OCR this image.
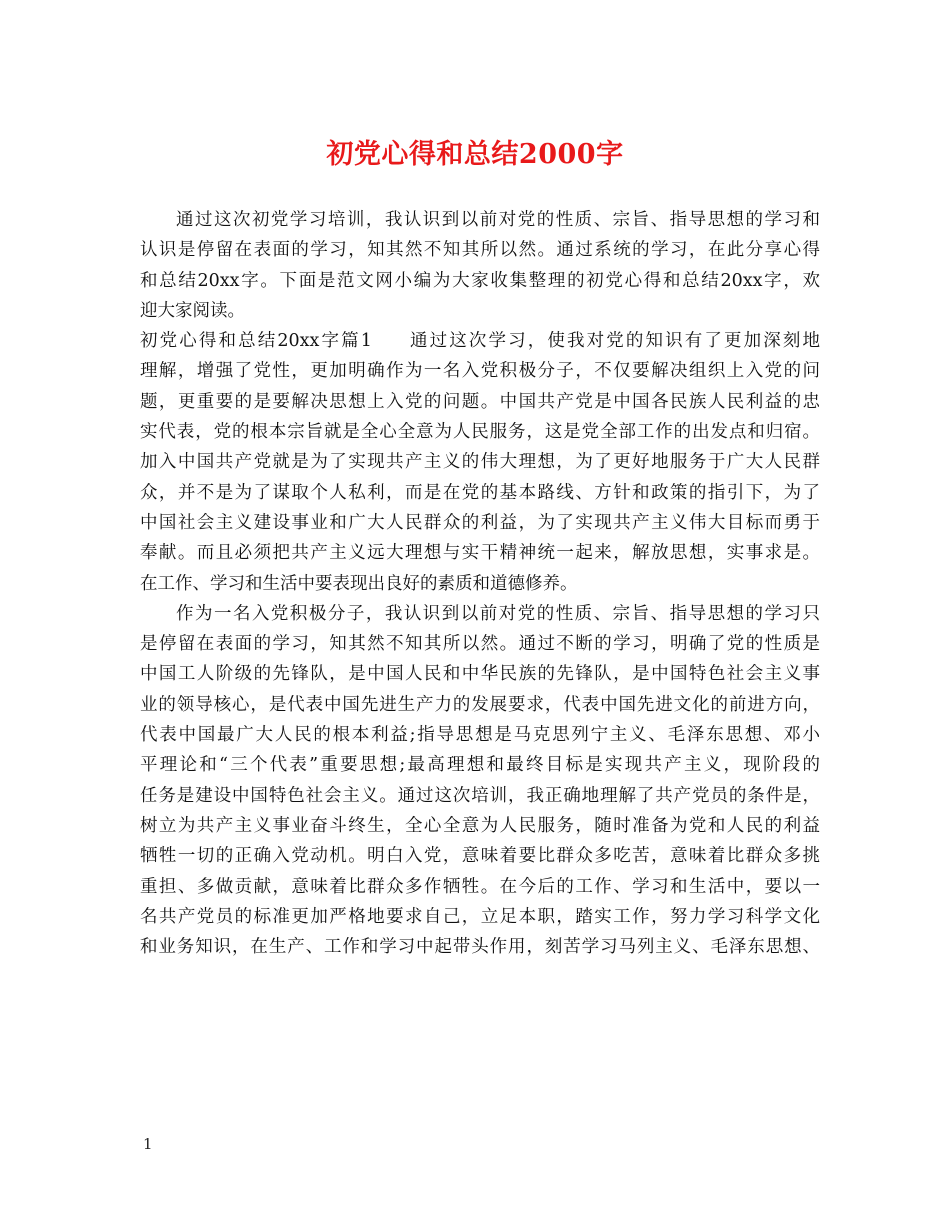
初党心得和总结2000字
通过这次初党学习培训，我认识到以前对党的性质、宗旨、指导思想的学习和
认识是停留在表面的学习，知其然不知其所以然。通过系统的学习，在此分享心得
和总结20xx字。下面是范文网小编为大家收集整理的初党心得和总结20xx字，欢
迎大家阅读。
初党心得和总结20xx字篇1 通过这次学习，使我对党的知识有了更加深刻地
理解，增强了党性，更加明确作为一名入党积极分子，不仅要解决组织上入党的问
题，更重要的是要解决思想上入党的问题。中国共产党是中国各民族人民利益的忠
实代表，党的根本宗旨就是全心全意为人民服务，这是党全部工作的出发点和归宿。
加入中国共产党就是为了实现共产主义的伟大理想，为了更好地服务于广大人民群
众，并不是为了谋取个人私利，而是在党的基本路线、方针和政策的指引下，为了
中国社会主义建设事业和广大人民群众的利益，为了实现共产主义伟大目标而勇于
奉献。而且必须把共产主义远大理想与实干精神统一起来，解放思想，实事求是。
在工作、学习和生活中要表现出良好的素质和道德修养。
作为一名入党积极分子，我认识到以前对党的性质、宗旨、指导思想的学习只
是停留在表面的学习，知其然不知其所以然。通过不断的学习，明确了党的性质是
中国工人阶级的先锋队，是中国人民和中华民族的先锋队，是中国特色社会主义事
业的领导核心，是代表中国先进生产力的发展要求，代表中国先进文化的前进方向，
代表中国最广大人民的根本利益;指导思想是马克思列宁主义、毛泽东思想、邓小
平理论和“三个代表”重要思想;最高理想和最终目标是实现共产主义，现阶段的
任务是建设中国特色社会主义。通过这次培训，我正确地理解了共产党员的条件是，
树立为共产主义事业奋斗终生，全心全意为人民服务，随时准备为党和人民的利益
牺牲一切的正确入党动机。明白入党，意味着要比群众多吃苦，意味着比群众多挑
重担、多做贡献，意味着比群众多作牺牲。在今后的工作、学习和生活中，要以一
名共产党员的标准更加严格地要求自己，立足本职，踏实工作，努力学习科学文化
和业务知识，在生产、工作和学习中起带头作用，刻苦学习马列主义、毛泽东思想、
1
